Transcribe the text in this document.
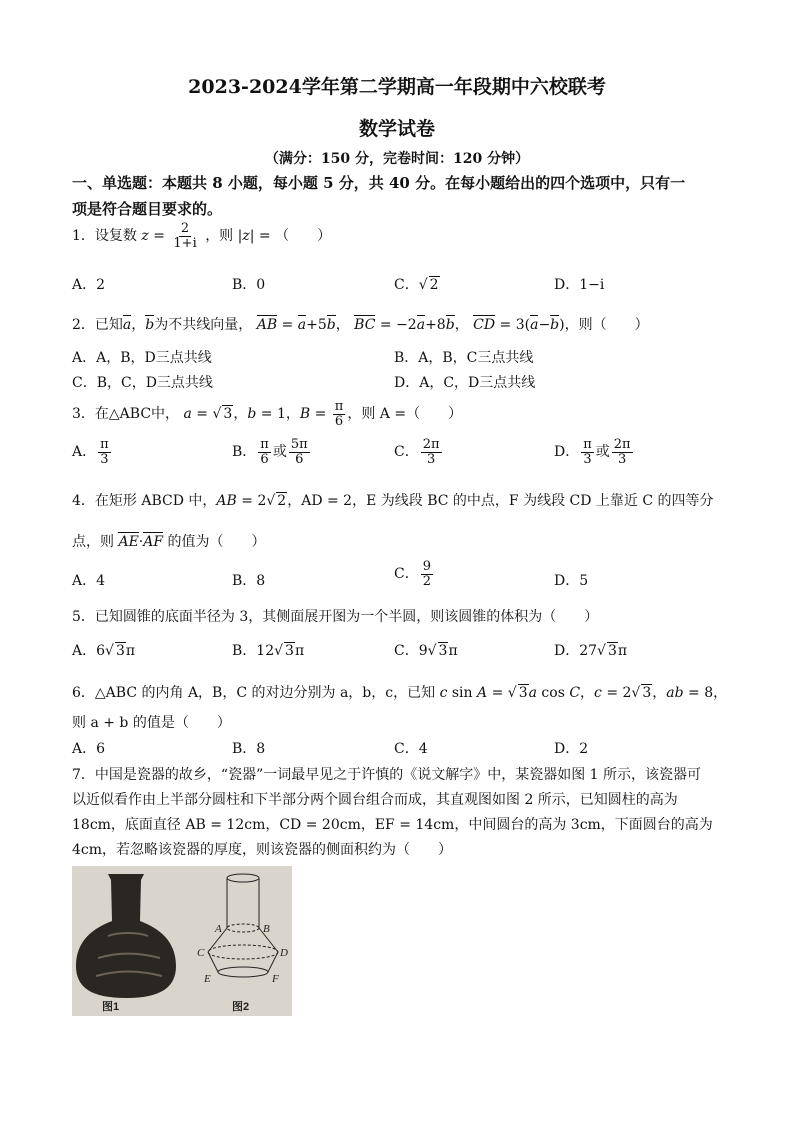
2023-2024学年第二学期高一年段期中六校联考
数学试卷
（满分：150 分，完卷时间：120 分钟）
一、单选题：本题共 8 小题，每小题 5 分，共 40 分。在每小题给出的四个选项中，只有一
项是符合题目要求的。
1．设复数 $z = \frac{2}{1+i}$ ，则 |z| = （　　）
A．2	B．0	C．√ 2	D．1−i
2．已知a，b为不共线向量， AB = a+5b， BC = −2a+8b， CD = 3(a−b)，则（　　）
A．A，B，D三点共线	B．A，B，C三点共线
C．B，C，D三点共线	D．A，C，D三点共线
3．在△ABC中， a = √ 3，b = 1，$B = \frac{\pi}{6}$ ，则 A =（　　）
A． $\frac{\pi}{3}$	B． $\frac{\pi}{6}$ 或 $\frac{5\pi}{6}$	C． $\frac{2\pi}{3}$	D． $\frac{\pi}{3}$ 或 $\frac{2\pi}{3}$
4．在矩形 ABCD 中，AB = 2√ 2，AD = 2，E 为线段 BC 的中点，F 为线段 CD 上靠近 C 的四等分
点，则 AE·AF 的值为（　　）
A．4	B．8	C． $\frac{9}{2}$	D．5
5．已知圆锥的底面半径为 3，其侧面展开图为一个半圆，则该圆锥的体积为（　　）
A．6√ 3π	B．12√ 3π	C．9√ 3π	D．27√ 3π
6．△ABC 的内角 A，B，C 的对边分别为 a，b，c，已知 c sin A = √ 3a cos C，c = 2√ 3，ab = 8，
则 a + b 的值是（　　）
A．6	B．8	C．4	D．2
7．中国是瓷器的故乡，“瓷器”一词最早见之于许慎的《说文解字》中，某瓷器如图 1 所示，该瓷器可
以近似看作由上半部分圆柱和下半部分两个圆台组合而成，其直观图如图 2 所示，已知圆柱的高为
18cm，底面直径 AB = 12cm，CD = 20cm，EF = 14cm，中间圆台的高为 3cm，下面圆台的高为
4cm，若忽略该瓷器的厚度，则该瓷器的侧面积约为（　　）
图1
A	B
C	D
E	F
图2
